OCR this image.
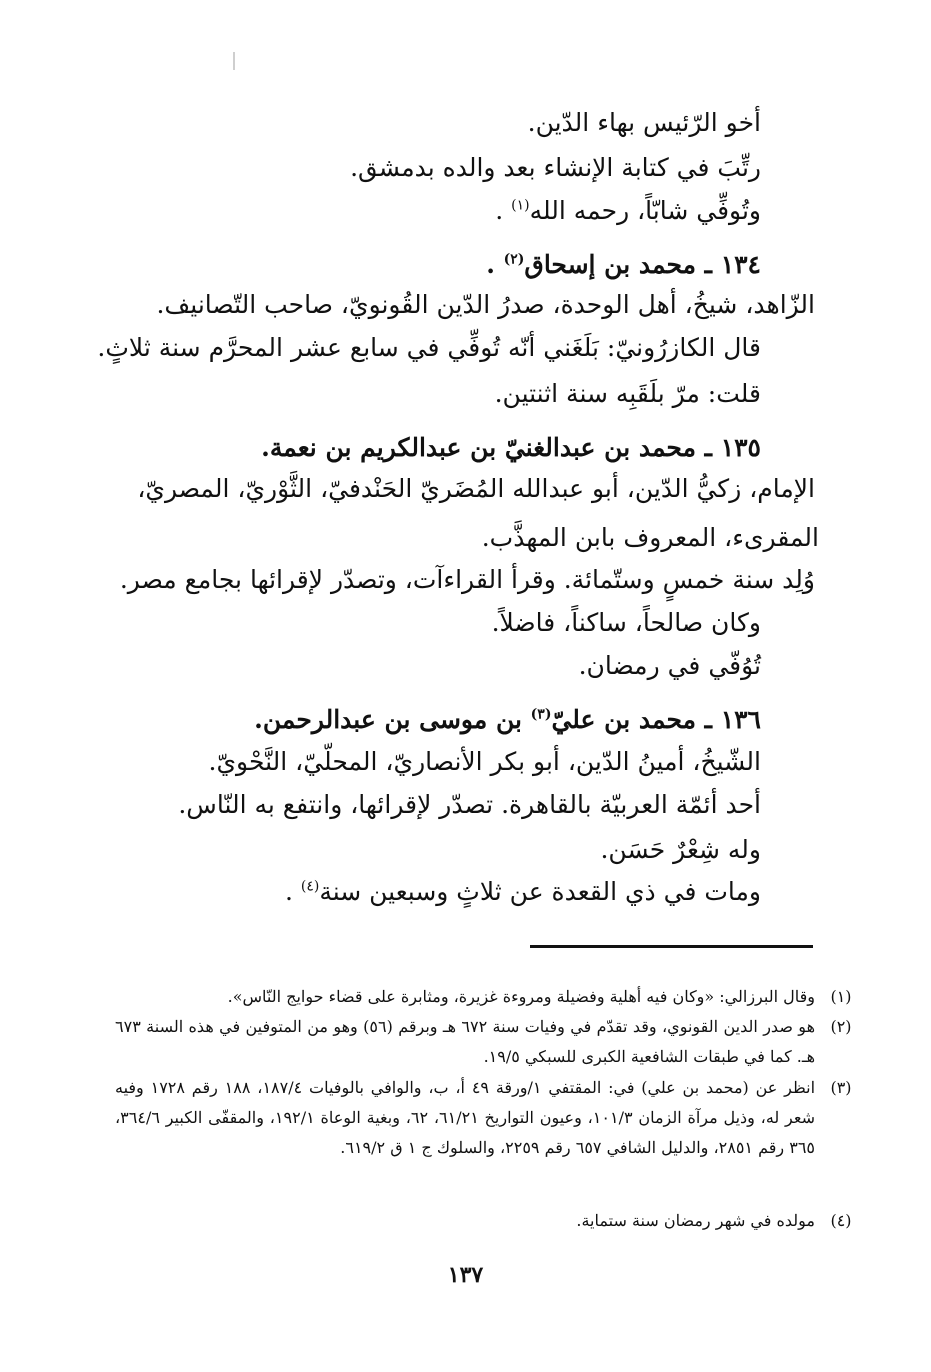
أخو الرّئيس بهاء الدّين.
رتِّبَ في كتابة الإنشاء بعد والده بدمشق.
وتُوفِّي شابّاً، رحمه الله$^{(١)}$ .
١٣٤ ـ محمد بن إسحاق$^{(٢)}$ .
الزّاهد، شيخُ، أهل الوحدة، صدرُ الدّين القُونويّ، صاحب التّصانيف.
قال الكازرُونيّ: بَلَغَني أنّه تُوفِّي في سابع عشر المحرَّم سنة ثلاثٍ.
قلت: مرّ بلَقَبِه سنة اثنتين.
١٣٥ ـ محمد بن عبدالغنيّ بن عبدالكريم بن نعمة.
الإمام، زكيُّ الدّين، أبو عبدالله المُضَريّ الحَنْدفيّ، الثَّوْريّ، المصريّ،
المقرىء، المعروف بابن المهذَّب.
وُلِد سنة خمسٍ وستّمائة. وقرأ القراءآت، وتصدّر لإقرائها بجامع مصر.
وكان صالحاً، ساكناً، فاضلاً.
تُوُفّي في رمضان.
١٣٦ ـ محمد بن عليّ$^{(٣)}$ بن موسى بن عبدالرحمن.
الشّيخُ، أمينُ الدّين، أبو بكر الأنصاريّ، المحلّيّ، النَّحْويّ.
أحد أئمّة العربيّة بالقاهرة. تصدّر لإقرائها، وانتفع به النّاس.
وله شِعْرٌ حَسَن.
ومات في ذي القعدة عن ثلاثٍ وسبعين سنة$^{(٤)}$ .
(١)
وقال البرزالي: «وكان فيه أهلية وفضيلة ومروءة غزيرة، ومثابرة على قضاء حوايج النّاس».
(٢)
هو صدر الدين القونوي، وقد تقدّم في وفيات سنة ٦٧٢ هـ وبرقم (٥٦) وهو من المتوفين في هذه السنة ٦٧٣ هـ. كما في طبقات الشافعية الكبرى للسبكي ١٩/٥.
(٣)
انظر عن (محمد بن علي) في: المقتفي ١/ورقة ٤٩ أ، ب، والوافي بالوفيات ١٨٧/٤، ١٨٨ رقم ١٧٢٨ وفيه شعر له، وذيل مرآة الزمان ١٠١/٣، وعيون التواريخ ٦١/٢١، ٦٢، وبغية الوعاة ١٩٢/١، والمقفّى الكبير ٣٦٤/٦، ٣٦٥ رقم ٢٨٥١، والدليل الشافي ٦٥٧ رقم ٢٢٥٩، والسلوك ج ١ ق ٦١٩/٢.
(٤)
مولده في شهر رمضان سنة ستماية.
١٣٧
